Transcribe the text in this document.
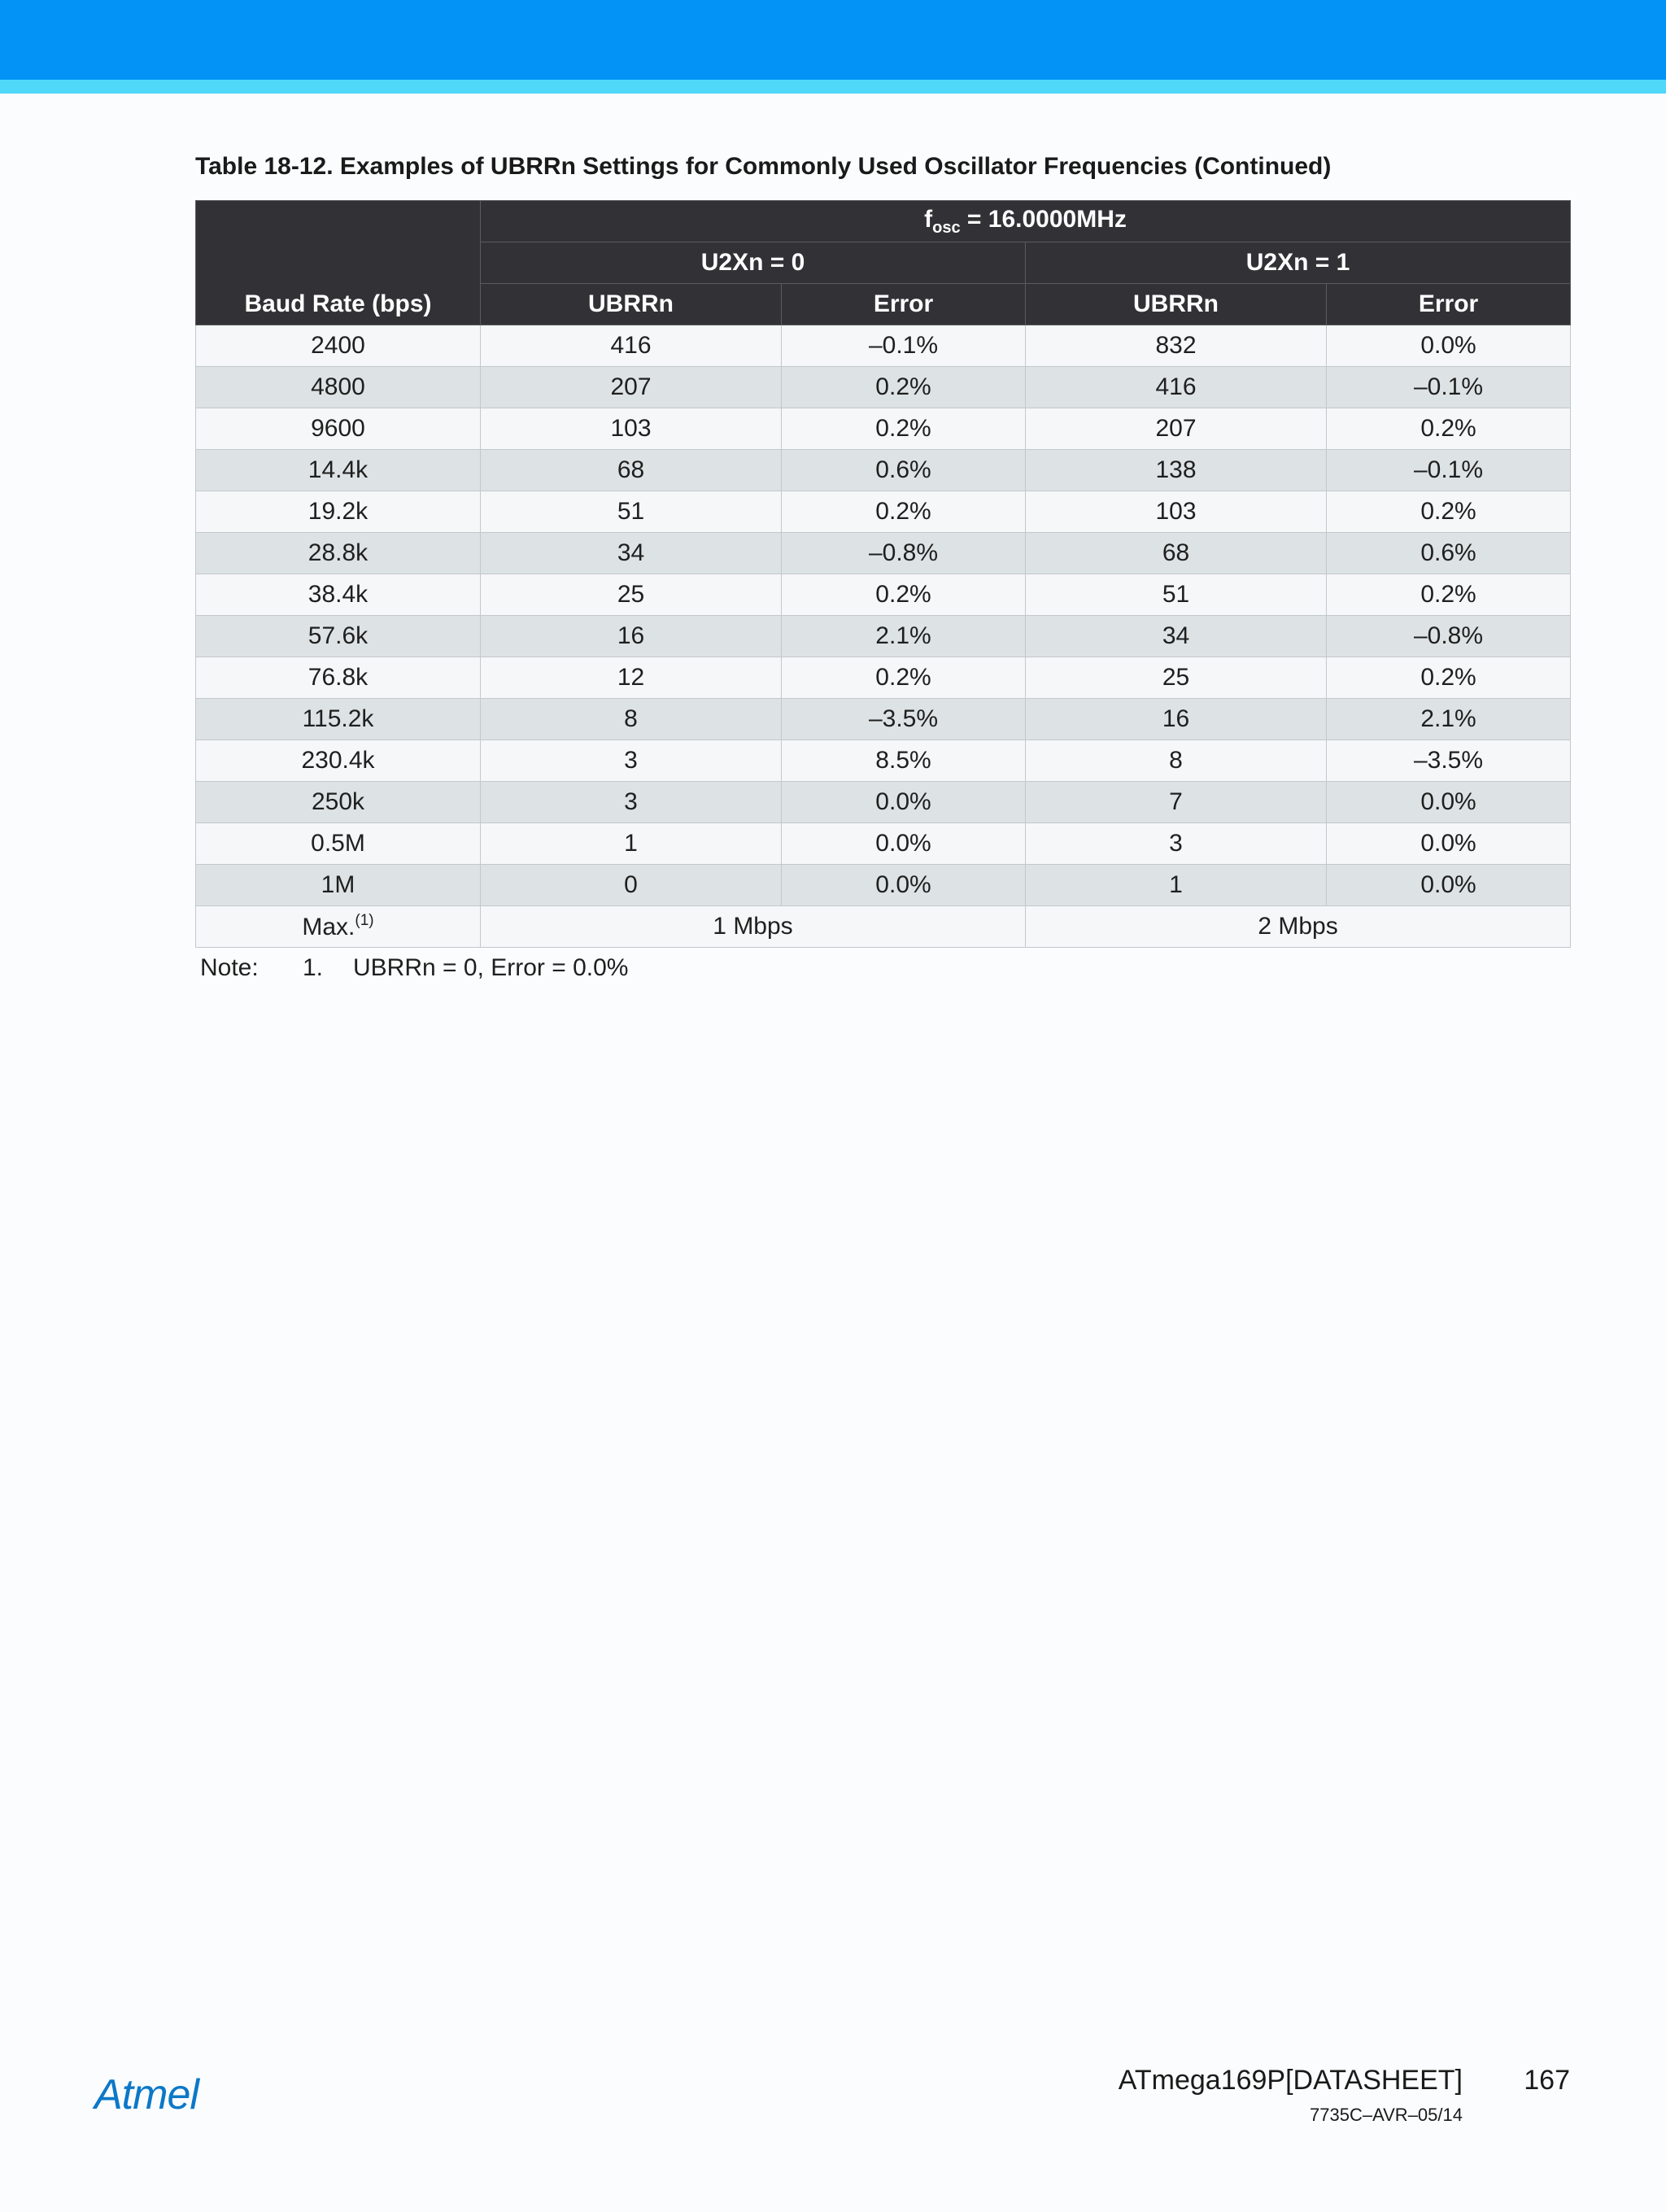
Table 18-12. Examples of UBRRn Settings for Commonly Used Oscillator Frequencies (Continued)
Baud Rate (bps)	$f_{osc} = 16.0000MHz$			
	U2Xn = 0		U2Xn = 1	
	UBRRn	Error	UBRRn	Error
2400	416	–0.1%	832	0.0%
4800	207	0.2%	416	–0.1%
9600	103	0.2%	207	0.2%
14.4k	68	0.6%	138	–0.1%
19.2k	51	0.2%	103	0.2%
28.8k	34	–0.8%	68	0.6%
38.4k	25	0.2%	51	0.2%
57.6k	16	2.1%	34	–0.8%
76.8k	12	0.2%	25	0.2%
115.2k	8	–3.5%	16	2.1%
230.4k	3	8.5%	8	–3.5%
250k	3	0.0%	7	0.0%
0.5M	1	0.0%	3	0.0%
1M	0	0.0%	1	0.0%
Max.$^{(1)}$	1 Mbps		2 Mbps	
Note: 1. UBRRn = 0, Error = 0.0%
Atmel	ATmega169P[DATASHEET] 167
7735C–AVR–05/14
